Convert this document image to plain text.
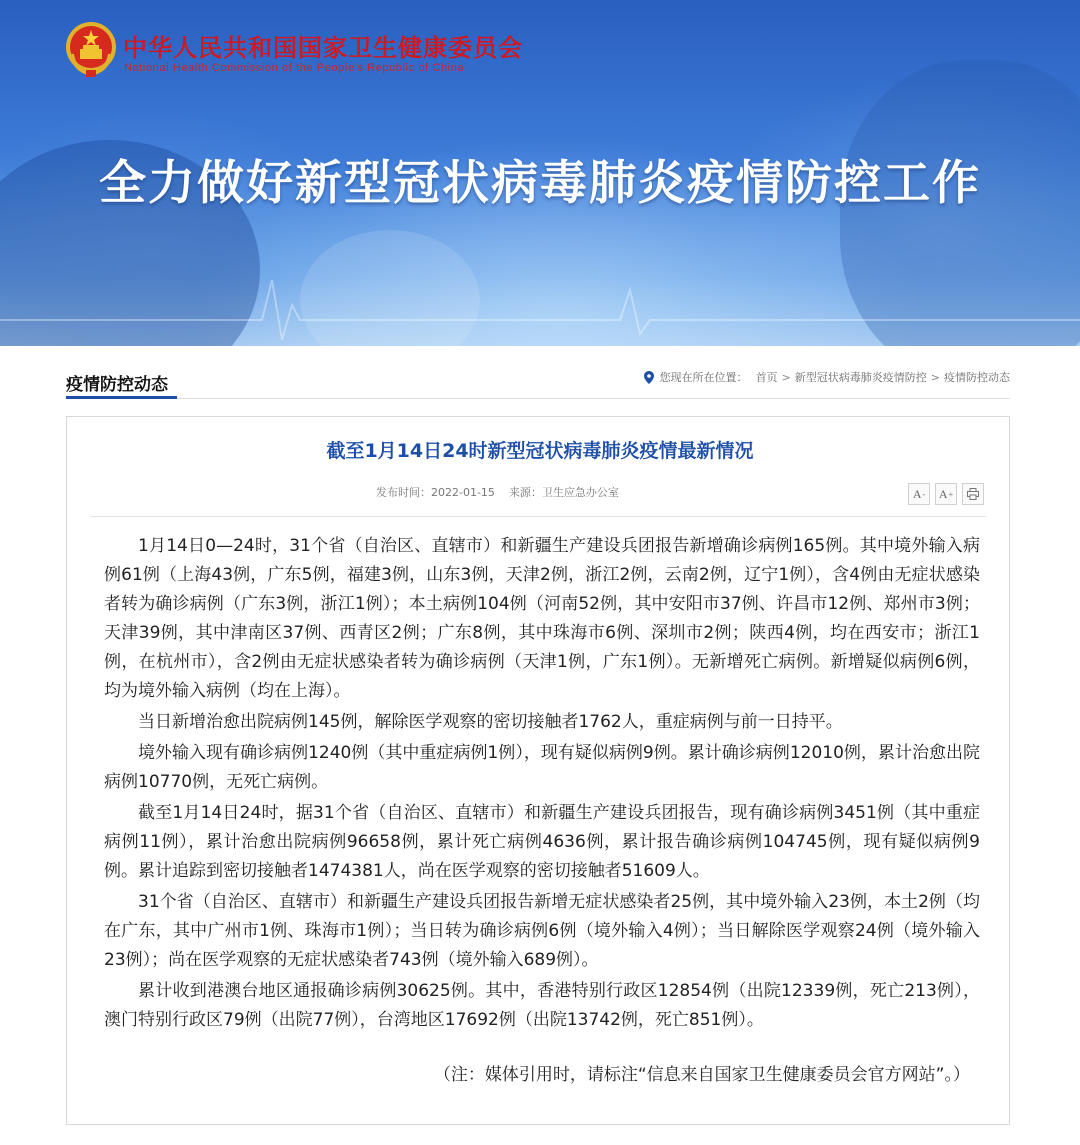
中华人民共和国国家卫生健康委员会

National Health Commission of the People's Republic of China

全力做好新型冠状病毒肺炎疫情防控工作
疫情防控动态	您现在所在位置： 首页 > 新型冠状病毒肺炎疫情防控 > 疫情防控动态
截至1月14日24时新型冠状病毒肺炎疫情最新情况
发布时间：2022-01-15 来源：卫生应急办公室	A - A +

1月14日0—24时，31个省（自治区、直辖市）和新疆生产建设兵团报告新增确诊病例165例。其中境外输入病例61例（上海43例，广东5例，福建3例，山东3例，天津2例，浙江2例，云南2例，辽宁1例），含4例由无症状感染者转为确诊病例（广东3例，浙江1例）；本土病例104例（河南52例，其中安阳市37例、许昌市12例、郑州市3例；天津39例，其中津南区37例、西青区2例；广东8例，其中珠海市6例、深圳市2例；陕西4例，均在西安市；浙江1例，在杭州市），含2例由无症状感染者转为确诊病例（天津1例，广东1例）。无新增死亡病例。新增疑似病例6例，均为境外输入病例（均在上海）。

当日新增治愈出院病例145例，解除医学观察的密切接触者1762人，重症病例与前一日持平。

境外输入现有确诊病例1240例（其中重症病例1例），现有疑似病例9例。累计确诊病例12010例，累计治愈出院病例10770例，无死亡病例。

截至1月14日24时，据31个省（自治区、直辖市）和新疆生产建设兵团报告，现有确诊病例3451例（其中重症病例11例），累计治愈出院病例96658例，累计死亡病例4636例，累计报告确诊病例104745例，现有疑似病例9例。累计追踪到密切接触者1474381人，尚在医学观察的密切接触者51609人。

31个省（自治区、直辖市）和新疆生产建设兵团报告新增无症状感染者25例，其中境外输入23例，本土2例（均在广东，其中广州市1例、珠海市1例）；当日转为确诊病例6例（境外输入4例）；当日解除医学观察24例（境外输入23例）；尚在医学观察的无症状感染者743例（境外输入689例）。

累计收到港澳台地区通报确诊病例30625例。其中，香港特别行政区12854例（出院12339例，死亡213例），澳门特别行政区79例（出院77例），台湾地区17692例（出院13742例，死亡851例）。

（注：媒体引用时，请标注“信息来自国家卫生健康委员会官方网站”。）
